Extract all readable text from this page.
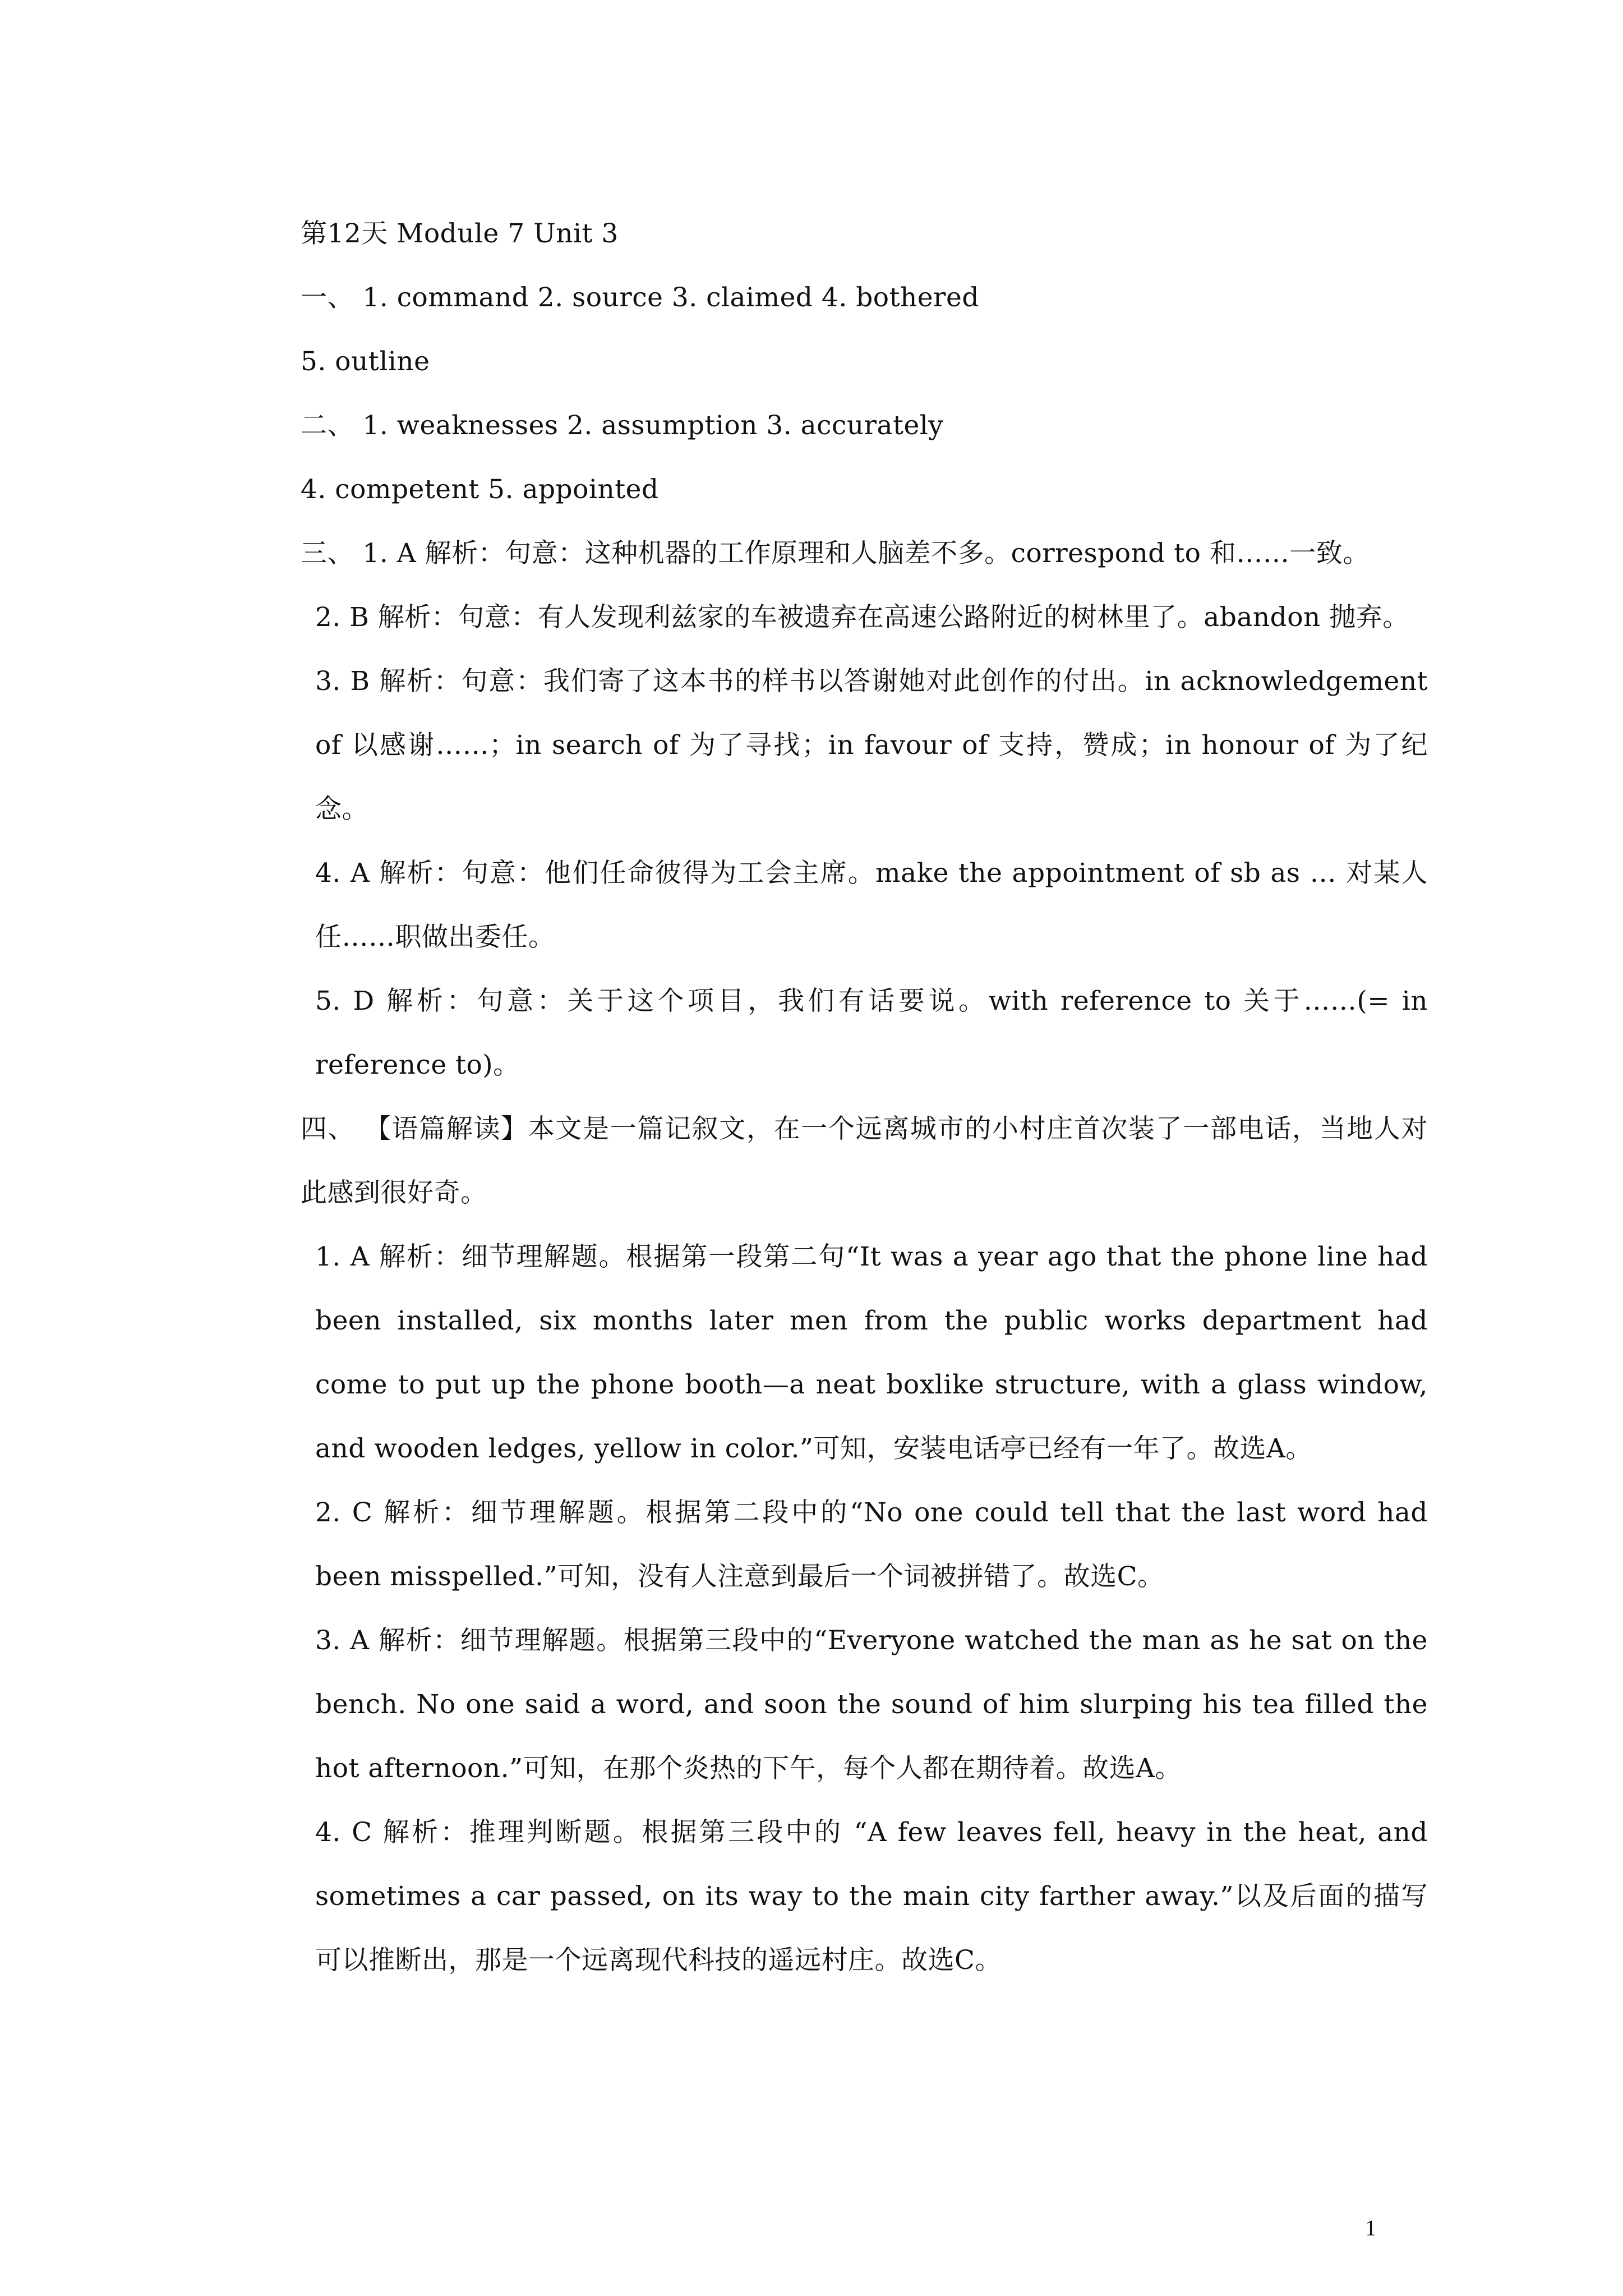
第12天 Module 7 Unit 3

一、 1. command 2. source 3. claimed 4. bothered

5. outline

二、 1. weaknesses 2. assumption 3. accurately

4. competent 5. appointed

三、 1. A 解析：句意：这种机器的工作原理和人脑差不多。correspond to 和……一致。

2. B 解析：句意：有人发现利兹家的车被遗弃在高速公路附近的树林里了。abandon 抛弃。

3. B 解析：句意：我们寄了这本书的样书以答谢她对此创作的付出。in acknowledgement of 以感谢……；in search of 为了寻找；in favour of 支持，赞成；in honour of 为了纪念。

4. A 解析：句意：他们任命彼得为工会主席。make the appointment of sb as … 对某人任……职做出委任。

5. D 解析：句意：关于这个项目，我们有话要说。with reference to 关于……(= in reference to)。

四、 【语篇解读】本文是一篇记叙文，在一个远离城市的小村庄首次装了一部电话，当地人对此感到很好奇。

1. A 解析：细节理解题。根据第一段第二句“It was a year ago that the phone line had been installed, six months later men from the public works department had come to put up the phone booth—a neat boxlike structure, with a glass window, and wooden ledges, yellow in color.”可知，安装电话亭已经有一年了。故选A。

2. C 解析：细节理解题。根据第二段中的“No one could tell that the last word had been misspelled.”可知，没有人注意到最后一个词被拼错了。故选C。

3. A 解析：细节理解题。根据第三段中的“Everyone watched the man as he sat on the bench. No one said a word, and soon the sound of him slurping his tea filled the hot afternoon.”可知，在那个炎热的下午，每个人都在期待着。故选A。

4. C 解析：推理判断题。根据第三段中的 “A few leaves fell, heavy in the heat, and sometimes a car passed, on its way to the main city farther away.”以及后面的描写可以推断出，那是一个远离现代科技的遥远村庄。故选C。

1
